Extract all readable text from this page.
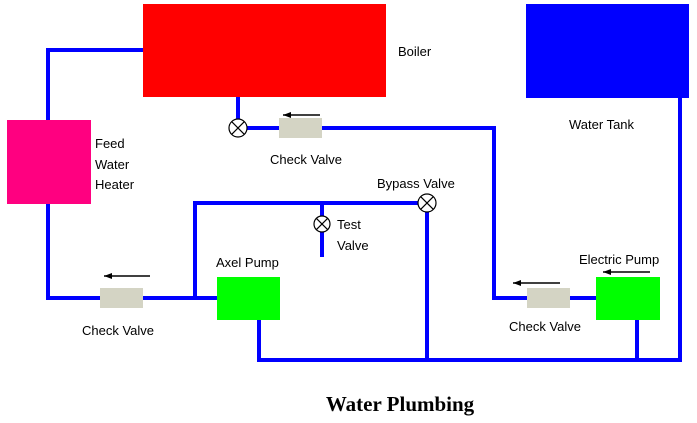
Boiler
Water Tank
Feed
Water
Heater
Check Valve
Bypass Valve
Test
Valve
Axel Pump	Electric Pump
Check Valve	Check Valve
Water Plumbing
